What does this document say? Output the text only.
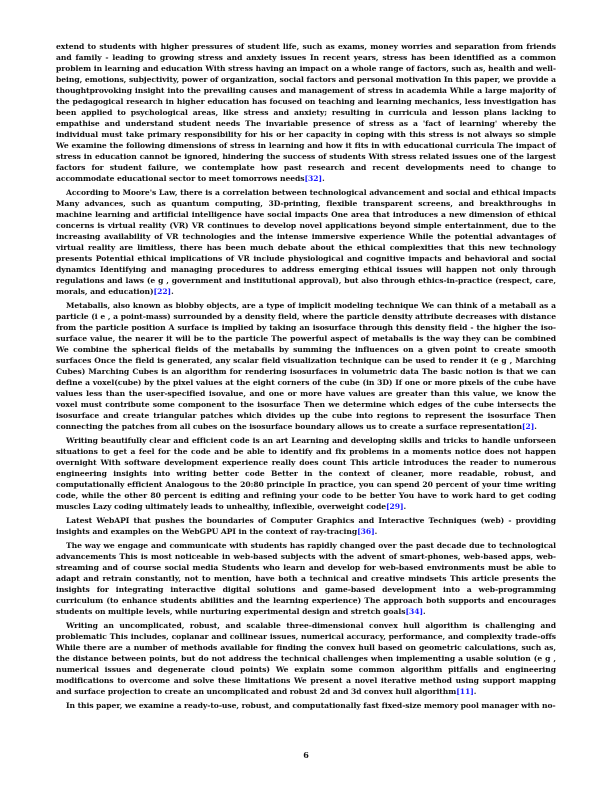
extend to students with higher pressures of student life, such as exams, money worries and separation from friends and family - leading to growing stress and anxiety issues In recent years, stress has been identified as a common problem in learning and education With stress having an impact on a whole range of factors, such as, health and well-being, emotions, subjectivity, power of organization, social factors and personal motivation In this paper, we provide a thoughtprovoking insight into the prevailing causes and management of stress in academia While a large majority of the pedagogical research in higher education has focused on teaching and learning mechanics, less investigation has been applied to psychological areas, like stress and anxiety; resulting in curricula and lesson plans lacking to empathise and understand student needs The invariable presence of stress as a 'fact of learning' whereby the individual must take primary responsibility for his or her capacity in coping with this stress is not always so simple We examine the following dimensions of stress in learning and how it fits in with educational curricula The impact of stress in education cannot be ignored, hindering the success of students With stress related issues one of the largest factors for student failure, we contemplate how past research and recent developments need to change to accommodate educational sector to meet tomorrows needs[32].

According to Moore's Law, there is a correlation between technological advancement and social and ethical impacts Many advances, such as quantum computing, 3D-printing, flexible transparent screens, and breakthroughs in machine learning and artificial intelligence have social impacts One area that introduces a new dimension of ethical concerns is virtual reality (VR) VR continues to develop novel applications beyond simple entertainment, due to the increasing availability of VR technologies and the intense immersive experience While the potential advantages of virtual reality are limitless, there has been much debate about the ethical complexities that this new technology presents Potential ethical implications of VR include physiological and cognitive impacts and behavioral and social dynamics Identifying and managing procedures to address emerging ethical issues will happen not only through regulations and laws (e g , government and institutional approval), but also through ethics-in-practice (respect, care, morals, and education)[22].

Metaballs, also known as blobby objects, are a type of implicit modeling technique We can think of a metaball as a particle (i e , a point-mass) surrounded by a density field, where the particle density attribute decreases with distance from the particle position A surface is implied by taking an isosurface through this density field - the higher the iso-surface value, the nearer it will be to the particle The powerful aspect of metaballs is the way they can be combined We combine the spherical fields of the metaballs by summing the influences on a given point to create smooth surfaces Once the field is generated, any scalar field visualization technique can be used to render it (e g , Marching Cubes) Marching Cubes is an algorithm for rendering isosurfaces in volumetric data The basic notion is that we can define a voxel(cube) by the pixel values at the eight corners of the cube (in 3D) If one or more pixels of the cube have values less than the user-specified isovalue, and one or more have values are greater than this value, we know the voxel must contribute some component to the isosurface Then we determine which edges of the cube intersects the isosurface and create triangular patches which divides up the cube into regions to represent the isosurface Then connecting the patches from all cubes on the isosurface boundary allows us to create a surface representation[2].

Writing beautifully clear and efficient code is an art Learning and developing skills and tricks to handle unforseen situations to get a feel for the code and be able to identify and fix problems in a moments notice does not happen overnight With software development experience really does count This article introduces the reader to numerous engineering insights into writing better code Better in the context of cleaner, more readable, robust, and computationally efficient Analogous to the 20:80 principle In practice, you can spend 20 percent of your time writing code, while the other 80 percent is editing and refining your code to be better You have to work hard to get coding muscles Lazy coding ultimately leads to unhealthy, inflexible, overweight code[29].

Latest WebAPI that pushes the boundaries of Computer Graphics and Interactive Techniques (web) - providing insights and examples on the WebGPU API in the context of ray-tracing[36].

The way we engage and communicate with students has rapidly changed over the past decade due to technological advancements This is most noticeable in web-based subjects with the advent of smart-phones, web-based apps, web-streaming and of course social media Students who learn and develop for web-based environments must be able to adapt and retrain constantly, not to mention, have both a technical and creative mindsets This article presents the insights for integrating interactive digital solutions and game-based development into a web-programming curriculum (to enhance students abilities and the learning experience) The approach both supports and encourages students on multiple levels, while nurturing experimental design and stretch goals[34].

Writing an uncomplicated, robust, and scalable three-dimensional convex hull algorithm is challenging and problematic This includes, coplanar and collinear issues, numerical accuracy, performance, and complexity trade-offs While there are a number of methods available for finding the convex hull based on geometric calculations, such as, the distance between points, but do not address the technical challenges when implementing a usable solution (e g , numerical issues and degenerate cloud points) We explain some common algorithm pitfalls and engineering modifications to overcome and solve these limitations We present a novel iterative method using support mapping and surface projection to create an uncomplicated and robust 2d and 3d convex hull algorithm[11].

In this paper, we examine a ready-to-use, robust, and computationally fast fixed-size memory pool manager with no-

6
